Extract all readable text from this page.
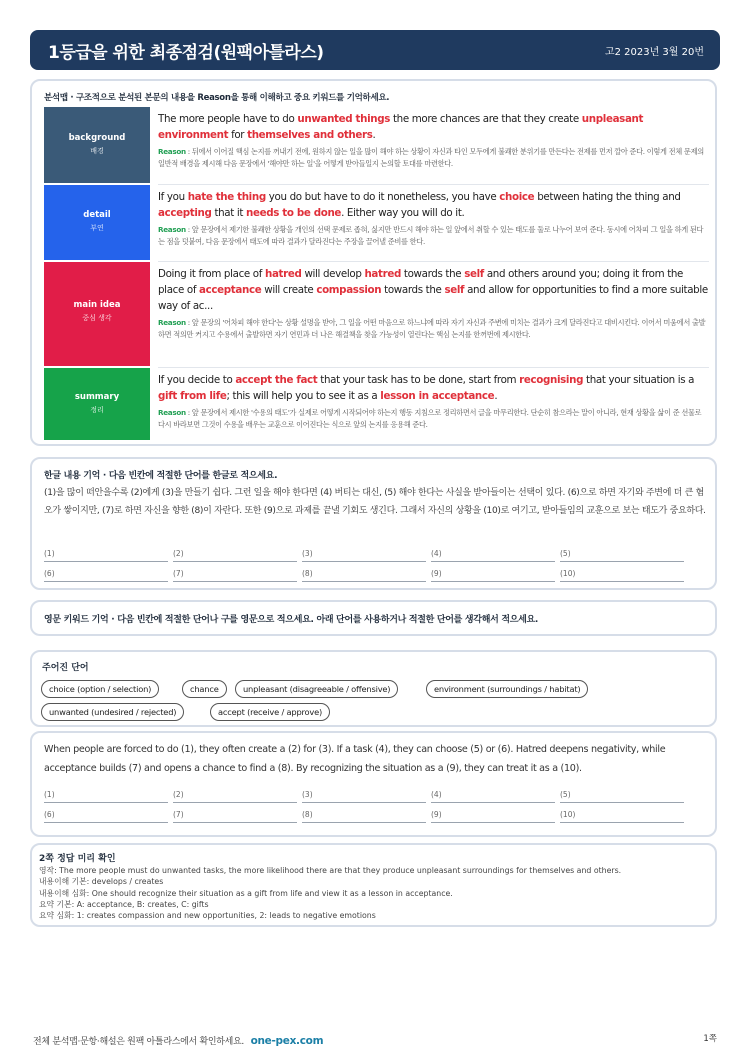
1등급을 위한 최종점검(원팩아틀라스)	고2 2023년 3월 20번
분석맵 · 구조적으로 분석된 본문의 내용을 Reason을 통해 이해하고 중요 키워드를 기억하세요.
background
배경
The more people have to do unwanted things the more chances are that they create unpleasant environment for themselves and others.
Reason : 뒤에서 이어질 핵심 논지를 꺼내기 전에, 원하지 않는 일을 많이 해야 하는 상황이 자신과 타인 모두에게 불쾌한 분위기를 만든다는 전제를 먼저 깔아 준다. 이렇게 전체 문제의 일반적 배경을 제시해 다음 문장에서 '해야만 하는 일'을 어떻게 받아들일지 논의할 토대를 마련한다.
detail
부연
If you hate the thing you do but have to do it nonetheless, you have choice between hating the thing and accepting that it needs to be done. Either way you will do it.
Reason : 앞 문장에서 제기한 불쾌한 상황을 개인의 선택 문제로 좁혀, 싫지만 반드시 해야 하는 일 앞에서 취할 수 있는 태도를 둘로 나누어 보여 준다. 동시에 어차피 그 일을 하게 된다는 점을 덧붙여, 다음 문장에서 태도에 따라 결과가 달라진다는 주장을 끌어낼 준비를 한다.
main idea
중심 생각
Doing it from place of hatred will develop hatred towards the self and others around you; doing it from the place of acceptance will create compassion towards the self and allow for opportunities to find a more suitable way of ac...
Reason : 앞 문장의 '어차피 해야 한다'는 상황 설명을 받아, 그 일을 어떤 마음으로 하느냐에 따라 자기 자신과 주변에 미치는 결과가 크게 달라진다고 대비시킨다. 이어서 미움에서 출발하면 적의만 커지고 수용에서 출발하면 자기 연민과 더 나은 해결책을 찾을 가능성이 열린다는 핵심 논지를 한꺼번에 제시한다.
summary
정리
If you decide to accept the fact that your task has to be done, start from recognising that your situation is a gift from life; this will help you to see it as a lesson in acceptance.
Reason : 앞 문장에서 제시한 '수용의 태도'가 실제로 어떻게 시작되어야 하는지 행동 지침으로 정리하면서 글을 마무리한다. 단순히 참으라는 말이 아니라, 현재 상황을 삶이 준 선물로 다시 바라보면 그것이 수용을 배우는 교훈으로 이어진다는 식으로 앞의 논지를 응용해 준다.
한글 내용 기억 · 다음 빈칸에 적절한 단어를 한글로 적으세요.
(1)을 많이 떠안을수록 (2)에게 (3)을 만들기 쉽다. 그런 일을 해야 한다면 (4) 버티는 대신, (5) 해야 한다는 사실을 받아들이는 선택이 있다. (6)으로 하면 자기와 주변에 더 큰 혐오가 쌓이지만, (7)로 하면 자신을 향한 (8)이 자란다. 또한 (9)으로 과제를 끝낼 기회도 생긴다. 그래서 자신의 상황을 (10)로 여기고, 받아들임의 교훈으로 보는 태도가 중요하다.
(1)	(2)	(3)	(4)	(5)
(6)	(7)	(8)	(9)	(10)
영문 키워드 기억 · 다음 빈칸에 적절한 단어나 구를 영문으로 적으세요. 아래 단어를 사용하거나 적절한 단어를 생각해서 적으세요.
주어진 단어
choice (option / selection)	chance	unpleasant (disagreeable / offensive)	environment (surroundings / habitat)
unwanted (undesired / rejected)	accept (receive / approve)
When people are forced to do (1), they often create a (2) for (3). If a task (4), they can choose (5) or (6). Hatred deepens negativity, while acceptance builds (7) and opens a chance to find a (8). By recognizing the situation as a (9), they can treat it as a (10).
(1)	(2)	(3)	(4)	(5)
(6)	(7)	(8)	(9)	(10)
2쪽 정답 미리 확인
영작: The more people must do unwanted tasks, the more likelihood there are that they produce unpleasant surroundings for themselves and others.
내용이해 기본: develops / creates
내용이해 심화: One should recognize their situation as a gift from life and view it as a lesson in acceptance.
요약 기본: A: acceptance, B: creates, C: gifts
요약 심화: 1: creates compassion and new opportunities, 2: leads to negative emotions
전체 분석맵·문항·해설은 원팩 아틀라스에서 확인하세요. one-pex.com	1쪽
